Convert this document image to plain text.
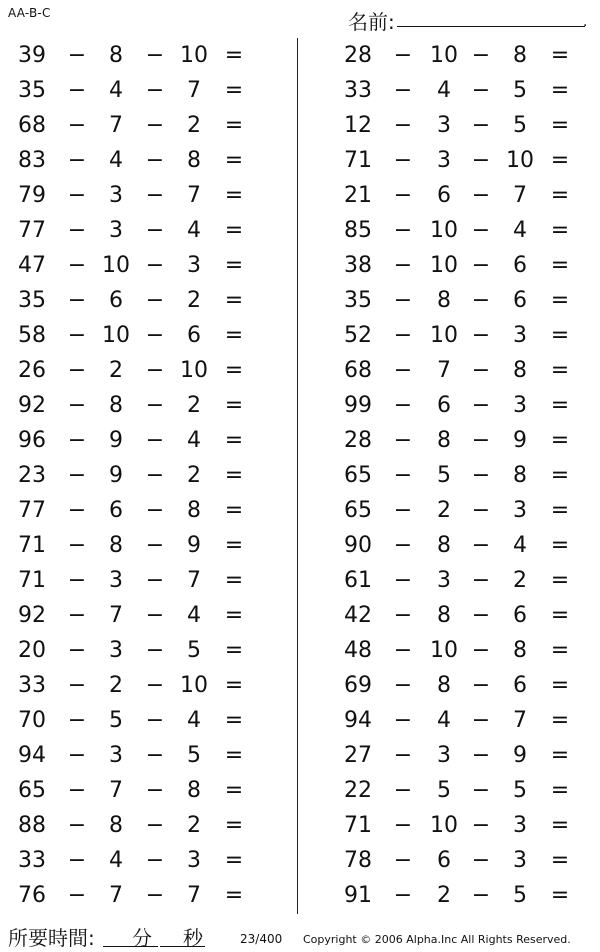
AA-B-C	名前:	.
39 −	8	− 10 =
35 −	4	−	7	=
68 −	7	−	2	=
83 −	4	−	8	=
79 −	3	−	7	=
77 −	3	−	4	=
47 − 10 −	3	=
35 −	6	−	2	=
58 − 10 −	6	=
26 −	2	− 10 =
92 −	8	−	2	=
96 −	9	−	4	=
23 −	9	−	2	=
77 −	6	−	8	=
71 −	8	−	9	=
71 −	3	−	7	=
92 −	7	−	4	=
20 −	3	−	5	=
33 −	2	− 10 =
70 −	5	−	4	=
94 −	3	−	5	=
65 −	7	−	8	=
88 −	8	−	2	=
33 −	4	−	3	=
76 −	7	−	7	=
28 − 10 −	8	=
33 −	4 −	5	=
12 −	3 −	5	=
71 −	3 − 10 =
21 −	6 −	7	=
85 − 10 −	4	=
38 − 10 −	6	=
35 −	8 −	6	=
52 − 10 −	3	=
68 −	7 −	8	=
99 −	6 −	3	=
28 −	8 −	9	=
65 −	5 −	8	=
65 −	2 −	3	=
90 −	8 −	4	=
61 −	3 −	2	=
42 −	8 −	6	=
48 − 10 −	8	=
69 −	8 −	6	=
94 −	4 −	7	=
27 −	3 −	9	=
22 −	5 −	5	=
71 − 10 −	3	=
78 −	6 −	3	=
91 −	2 −	5	=
所要時間: 分 秒	23/400 Copyright © 2006 Alpha.Inc All Rights Reserved.
